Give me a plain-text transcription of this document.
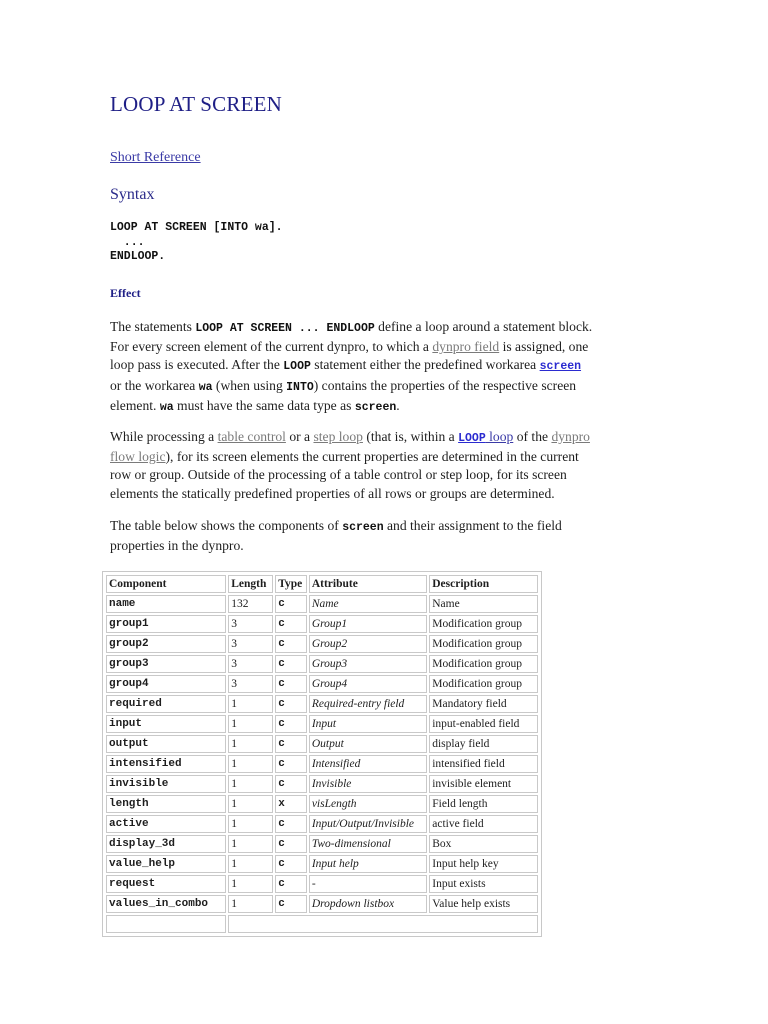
LOOP AT SCREEN
Short Reference
Syntax
LOOP AT SCREEN [INTO wa].
...
ENDLOOP.
Effect
The statements LOOP AT SCREEN ... ENDLOOP define a loop around a statement block.
For every screen element of the current dynpro, to which a dynpro field is assigned, one
loop pass is executed. After the LOOP statement either the predefined workarea screen
or the workarea wa (when using INTO) contains the properties of the respective screen
element. wa must have the same data type as screen.
While processing a table control or a step loop (that is, within a LOOP loop of the dynpro
flow logic), for its screen elements the current properties are determined in the current
row or group. Outside of the processing of a table control or step loop, for its screen
elements the statically predefined properties of all rows or groups are determined.
The table below shows the components of screen and their assignment to the field
properties in the dynpro.
Component	Length	Type	Attribute	Description
name	132	c	Name	Name
group1	3	c	Group1	Modification group
group2	3	c	Group2	Modification group
group3	3	c	Group3	Modification group
group4	3	c	Group4	Modification group
required	1	c	Required-entry field	Mandatory field
input	1	c	Input	input-enabled field
output	1	c	Output	display field
intensified	1	c	Intensified	intensified field
invisible	1	c	Invisible	invisible element
length	1	x	visLength	Field length
active	1	c	Input/Output/Invisible	active field
display_3d	1	c	Two-dimensional	Box
value_help	1	c	Input help	Input help key
request	1	c	-	Input exists
values_in_combo	1	c	Dropdown listbox	Value help exists
